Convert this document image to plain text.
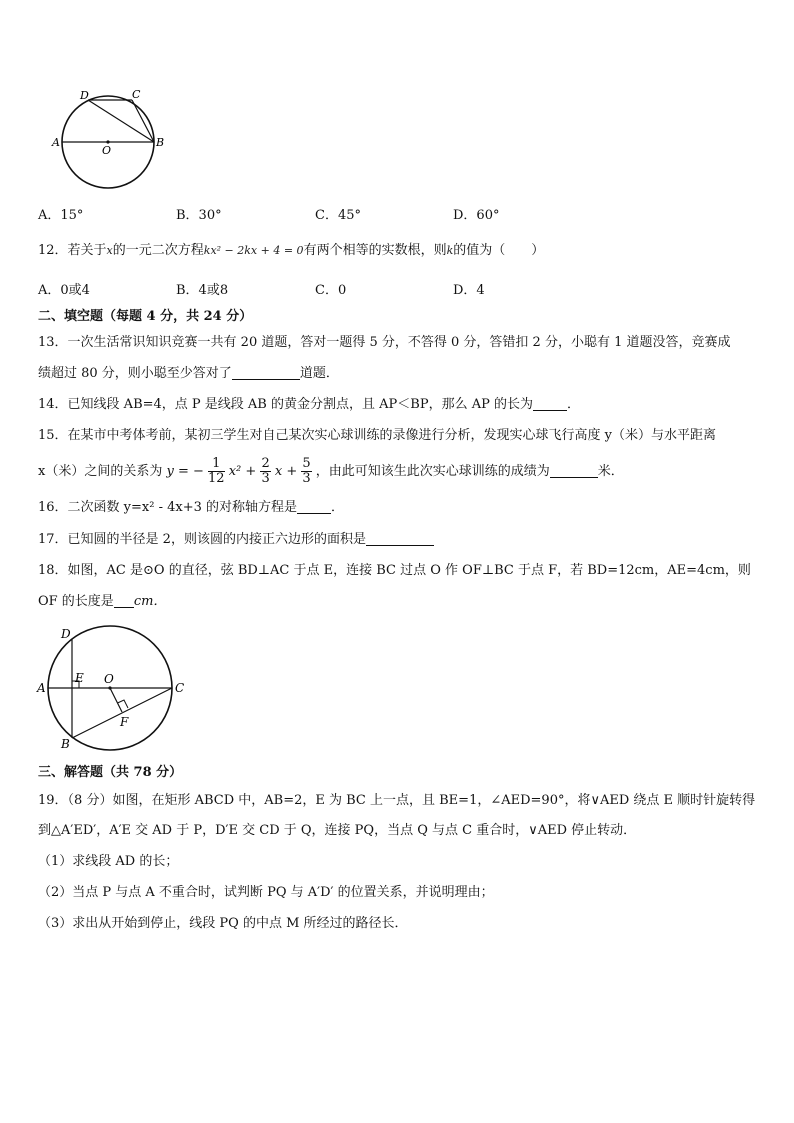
D	C
A
O
B
A．15°	B．30°	C．45°	D．60°
12．若关于x的一元二次方程kx² − 2kx + 4 = 0有两个相等的实数根，则k的值为（　　）
A．0或4	B．4或8	C．0	D．4
二、填空题（每题 4 分，共 24 分）
13．一次生活常识知识竞赛一共有 20 道题，答对一题得 5 分，不答得 0 分，答错扣 2 分，小聪有 1 道题没答，竞赛成
绩超过 80 分，则小聪至少答对了	道题．
14．已知线段 AB=4，点 P 是线段 AB 的黄金分割点，且 AP＜BP，那么 AP 的长为	．
15．在某市中考体考前，某初三学生对自己某次实心球训练的录像进行分析，发现实心球飞行高度 y（米）与水平距离
x（米）之间的关系为 y = − $\frac{1}{12} x^2 + \frac{2}{3}$ $x + \frac{5}{3}$ ，由此可知该生此次实心球训练的成绩为	米．
16．二次函数 y=x² - 4x+3 的对称轴方程是	．
17．已知圆的半径是 2，则该圆的内接正六边形的面积是
18．如图，AC 是⊙O 的直径，弦 BD⊥AC 于点 E，连接 BC 过点 O 作 OF⊥BC 于点 F，若 BD=12cm，AE=4cm，则
OF 的长度是 cm．
D
E O
C
A
F
B
三、解答题（共 78 分）
19．（8 分）如图，在矩形 ABCD 中，AB=2，E 为 BC 上一点，且 BE=1，∠AED=90°，将∨AED 绕点 E 顺时针旋转得
到△A′ED′，A′E 交 AD 于 P，D′E 交 CD 于 Q，连接 PQ，当点 Q 与点 C 重合时，∨AED 停止转动．
（1）求线段 AD 的长；
（2）当点 P 与点 A 不重合时，试判断 PQ 与 A′D′ 的位置关系，并说明理由；
（3）求出从开始到停止，线段 PQ 的中点 M 所经过的路径长．
